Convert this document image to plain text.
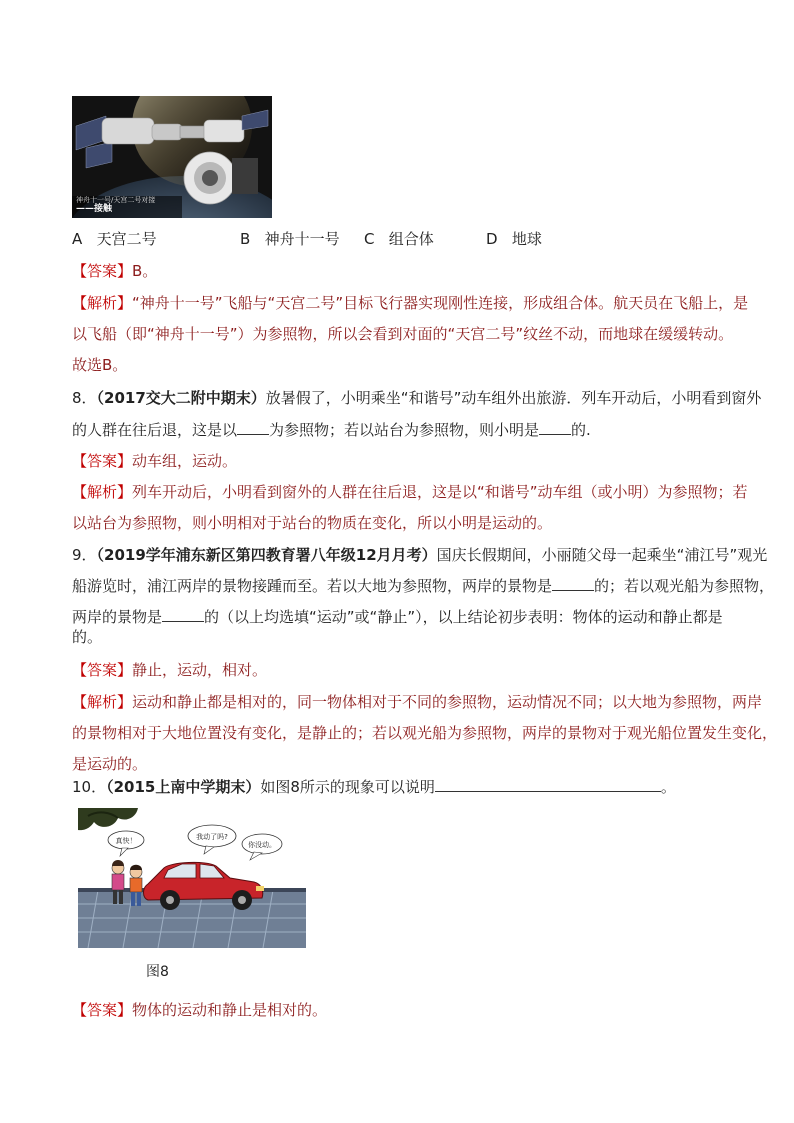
神舟十一号/天宫二号对接
——接触
A 天宫二号	B 神舟十一号 C 组合体	D 地球
【答案】B。
【解析】“神舟十一号”飞船与“天宫二号”目标飞行器实现刚性连接，形成组合体。航天员在飞船上，是
以飞船（即“神舟十一号”）为参照物，所以会看到对面的“天宫二号”纹丝不动，而地球在缓缓转动。
故选B。
8．（2017交大二附中期末）放暑假了，小明乘坐“和谐号”动车组外出旅游．列车开动后，小明看到窗外
的人群在往后退，这是以 为参照物；若以站台为参照物，则小明是 的.
【答案】动车组，运动。
【解析】列车开动后，小明看到窗外的人群在往后退，这是以“和谐号”动车组（或小明）为参照物；若
以站台为参照物，则小明相对于站台的物质在变化，所以小明是运动的。
9．（2019学年浦东新区第四教育署八年级12月月考）国庆长假期间，小丽随父母一起乘坐“浦江号”观光
船游览时，浦江两岸的景物接踵而至。若以大地为参照物，两岸的景物是	的；若以观光船为参照物，
两岸的景物是	的（以上均选填“运动”或“静止”），以上结论初步表明：物体的运动和静止都是
的。
【答案】静止，运动，相对。
【解析】运动和静止都是相对的，同一物体相对于不同的参照物，运动情况不同；以大地为参照物，两岸
的景物相对于大地位置没有变化，是静止的；若以观光船为参照物，两岸的景物对于观光船位置发生变化，
是运动的。
10．（2015上南中学期末）如图8所示的现象可以说明	。
真快！	我动了吗?
你没动。
图8
【答案】物体的运动和静止是相对的。
